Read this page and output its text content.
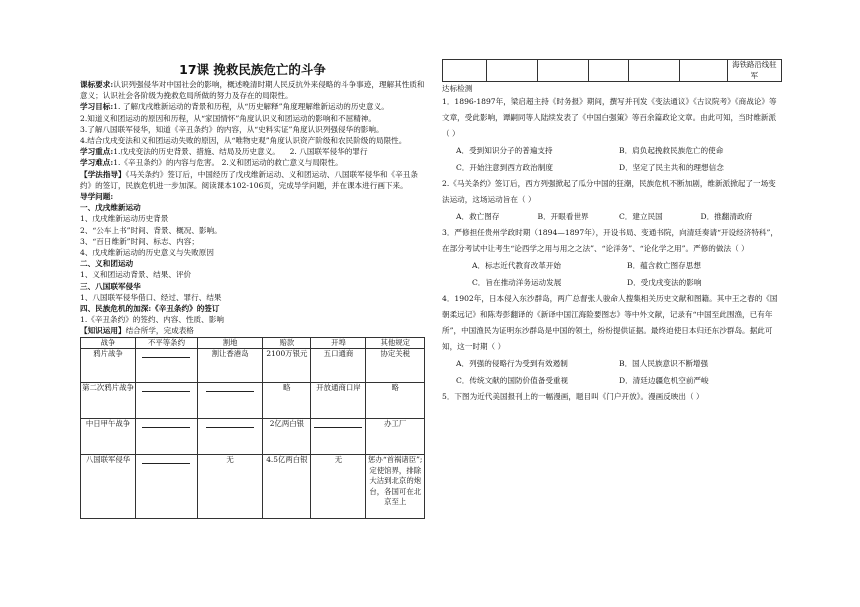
17课 挽救民族危亡的斗争

课标要求:认识列强侵华对中国社会的影响，概述晚清时期人民反抗外来侵略的斗争事迹，理解其性质和意义；认识社会各阶级为挽救危局所做的努力及存在的局限性。

学习目标:1. 了解戊戌维新运动的背景和历程，从“历史解释”角度理解维新运动的历史意义。

2.知道义和团运动的原因和历程，从“家国情怀”角度认识义和团运动的影响和不屈精神。

3.了解八国联军侵华，知道《辛丑条约》的内容，从“史料实证”角度认识列强侵华的影响。

4.结合戊戌变法和义和团运动失败的原因，从“唯物史观”角度认识资产阶级和农民阶级的局限性。

学习重点:1.戊戌变法的历史背景、措施、结局及历史意义。 2. 八国联军侵华的罪行

学习难点:1.《辛丑条约》的内容与危害。 2.义和团运动的救亡意义与局限性。

【学法指导】《马关条约》签订后，中国经历了戊戌维新运动、义和团运动、八国联军侵华和《辛丑条约》的签订，民族危机进一步加深。阅读课本102-106页，完成导学问题，并在课本进行画下来。

导学问题:

一、戊戌维新运动

1、戊戌维新运动历史背景

2、“公车上书”时间、背景、概况、影响。

3、“百日维新”时间、标志、内容；

4、戊戌维新运动的历史意义与失败原因

二、义和团运动

1、义和团运动背景、结果、评价

三、八国联军侵华

1、八国联军侵华借口、经过、罪行、结果

四、民族危机的加深:《辛丑条约》的签订

1.《辛丑条约》的签约、内容、性质、影响

【知识运用】结合所学，完成表格

战争	不平等条约	割地	赔款	开埠	其他规定
鸦片战争		割让香港岛	2100万银元	五口通商	协定关税
第二次鸦片战争			略	开放通商口岸	略
中日甲午战争			2亿两白银		办工厂
八国联军侵华		无	4.5亿两白银	无	惩办“首祸诸臣”;定使馆界，排除大沽到北京的炮台，各国可在北京至上
						海铁路沿线驻军

达标检测

1．1896-1897年，梁启超主持《时务报》期间，撰写并刊发《变法通议》《古议院考》《商战论》等文章，受此影响，谭嗣同等人陆续发表了《中国白强策》等百余篇政论文章。由此可知，当时维新派（ ）

A．受到知识分子的普遍支持	B．肩负起挽救民族危亡的使命
C．开始注意到西方政治制度	D．坚定了民主共和的理想信念

2.《马关条约》签订后，西方列强掀起了瓜分中国的狂潮，民族危机不断加剧，维新派掀起了一场变法运动，这场运动旨在（ ）

A．救亡图存	B．开眼看世界	C．建立民国	D．推翻清政府

3．严修担任贵州学政时期（1894—1897年），开设书局、变通书院，向清廷奏请“开设经济特科”，在部分考试中让考生“论西学之用与用之之法”、“论洋务”、“论化学之用”。严修的做法（ ）

A．标志近代教育改革开始	B．蕴含救亡图存思想
C．旨在推动洋务运动发展	D．受戊戌变法的影响

4．1902年，日本侵入东沙群岛，两广总督张人骏命人搜集相关历史文献和图籍。其中王之春的《国朝柔远记》和陈寿彭翻译的《新译中国江海险要图志》等中外文献，记录有“中国至此围渔，已有年所”，中国渔民为证明东沙群岛是中国的领土，纷纷提供证据。最终迫使日本归还东沙群岛。据此可知，这一时期（ ）

A．列强的侵略行为受到有效遏制	B．国人民族意识不断增强
C．传统文献的国防价值备受重视	D．清廷边疆危机空前严峻

5．下图为近代美国报刊上的一幅漫画，题目叫《门户开放》。漫画反映出（ ）
